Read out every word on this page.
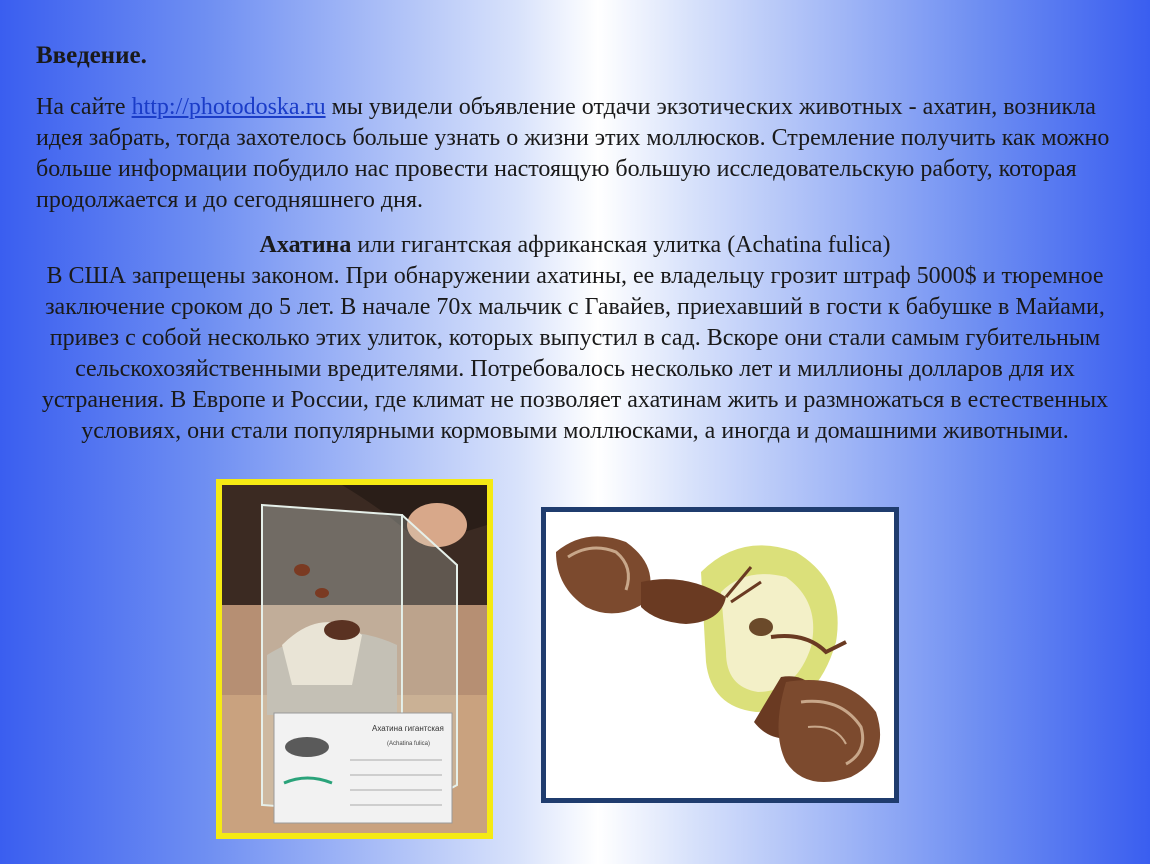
Введение.
На сайте http://photodoska.ru мы увидели объявление отдачи экзотических животных - ахатин, возникла идея забрать, тогда захотелось больше узнать о жизни этих моллюсков. Стремление получить как можно больше информации побудило нас провести настоящую большую исследовательскую работу, которая продолжается и до сегодняшнего дня.
Ахатина или гигантская африканская улитка (Achatina fulica)
В США запрещены законом. При обнаружении ахатины, ее владельцу грозит штраф 5000$ и тюремное заключение сроком до 5 лет. В начале 70х мальчик с Гавайев, приехавший в гости к бабушке в Майами, привез с собой несколько этих улиток, которых выпустил в сад. Вскоре они стали самым губительным сельскохозяйственными вредителями. Потребовалось несколько лет и миллионы долларов для их устранения. В Европе и России, где климат не позволяет ахатинам жить и размножаться в естественных условиях, они стали популярными кормовыми моллюсками, а иногда и домашними животными.
Ахатина гигантская
(Achatina fulica)
